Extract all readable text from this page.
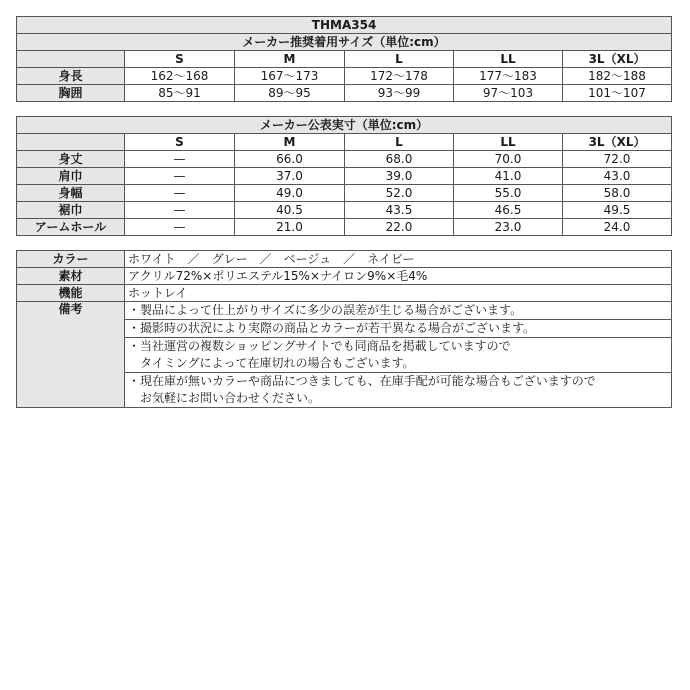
THMA354					
メーカー推奨着用サイズ（単位:cm）					
	S	M	L	LL	3L（XL）
身長	162〜168	167〜173	172〜178	177〜183	182〜188
胸囲	85〜91	89〜95	93〜99	97〜103	101〜107
メーカー公表実寸（単位:cm）					
	S	M	L	LL	3L（XL）
身丈	—	66.0	68.0	70.0	72.0
肩巾	—	37.0	39.0	41.0	43.0
身幅	—	49.0	52.0	55.0	58.0
裾巾	—	40.5	43.5	46.5	49.5
アームホール	—	21.0	22.0	23.0	24.0
カラー	ホワイト　／　グレー　／　ベージュ　／　ネイビー
素材	アクリル72%×ポリエステル15%×ナイロン9%×毛4%
機能	ホットレイ
備考	・製品によって仕上がりサイズに多少の誤差が生じる場合がございます。

	・撮影時の状況により実際の商品とカラーが若干異なる場合がございます。

	・当社運営の複数ショッピングサイトでも同商品を掲載していますので
　タイミングによって在庫切れの場合もございます。

	・現在庫が無いカラーや商品につきましても、在庫手配が可能な場合もございますので
　お気軽にお問い合わせください。
